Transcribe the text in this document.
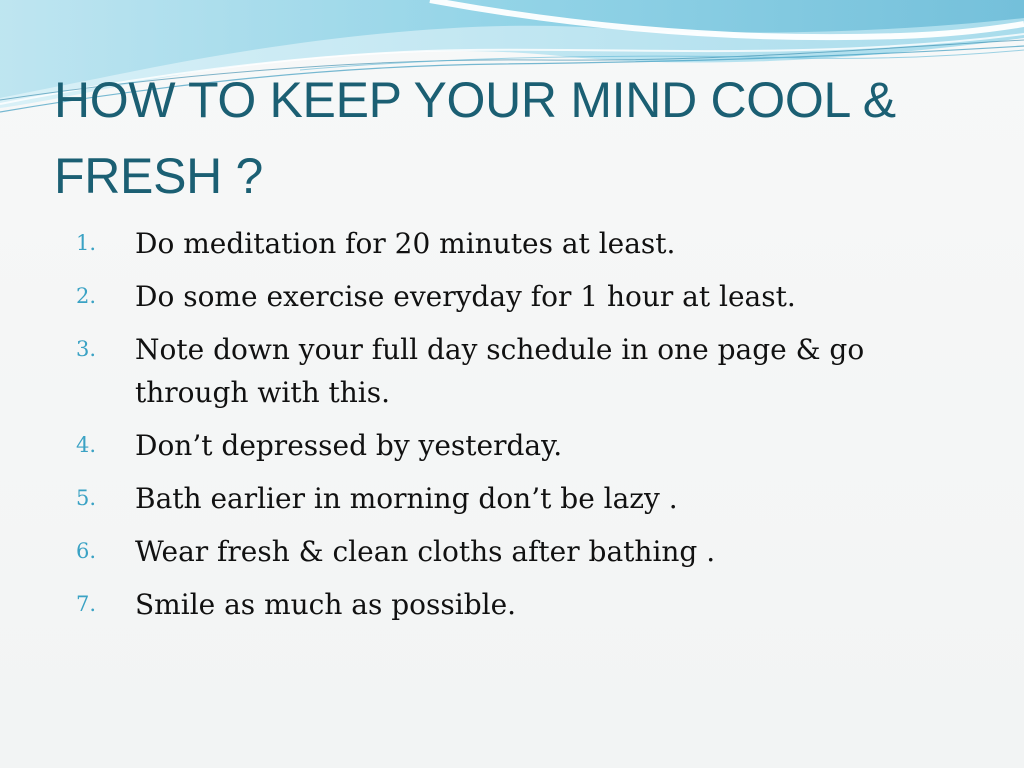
HOW TO KEEP YOUR MIND COOL & FRESH ?
1. Do meditation for 20 minutes at least.
2. Do some exercise everyday for 1 hour at least.
3. Note down your full day schedule in one page & go through with this.
4. Don’t depressed by yesterday.
5. Bath earlier in morning don’t be lazy .
6. Wear fresh & clean cloths after bathing .
7. Smile as much as possible.
